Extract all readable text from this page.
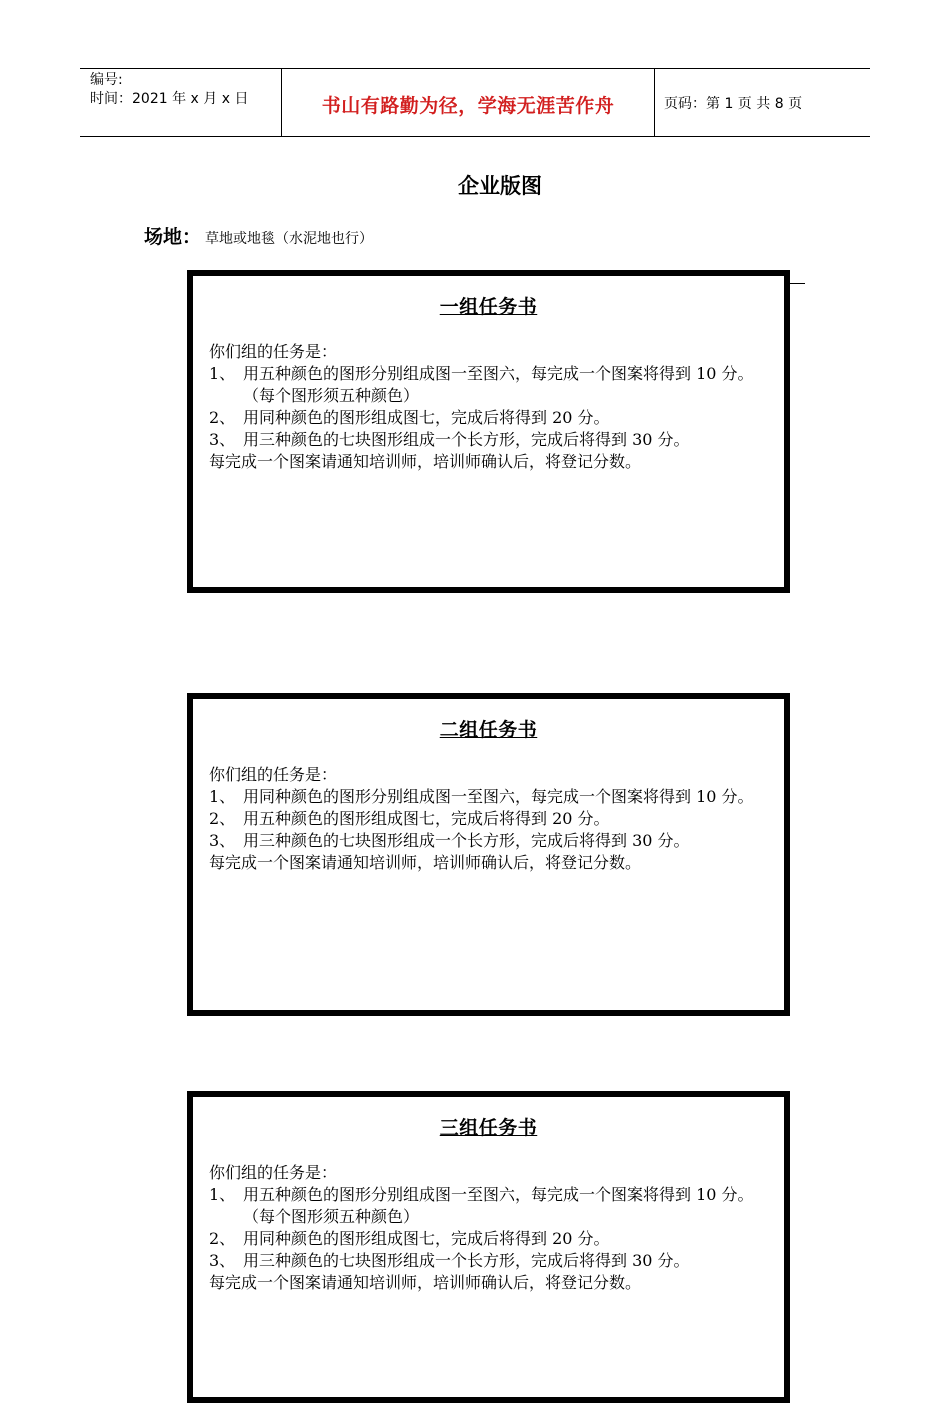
编号:
时间：2021 年 x 月 x 日	书山有路勤为径，学海无涯苦作舟	页码：第 1 页 共 8 页
企业版图
场地： 草地或地毯（水泥地也行）
一组任务书
你们组的任务是：
1、 用五种颜色的图形分别组成图一至图六，每完成一个图案将得到 10 分。（每个图形须五种颜色）
2、 用同种颜色的图形组成图七，完成后将得到 20 分。
3、 用三种颜色的七块图形组成一个长方形，完成后将得到 30 分。
每完成一个图案请通知培训师，培训师确认后，将登记分数。
二组任务书
你们组的任务是：
1、 用同种颜色的图形分别组成图一至图六，每完成一个图案将得到 10 分。
2、 用五种颜色的图形组成图七，完成后将得到 20 分。
3、 用三种颜色的七块图形组成一个长方形，完成后将得到 30 分。
每完成一个图案请通知培训师，培训师确认后，将登记分数。
三组任务书
你们组的任务是：
1、 用五种颜色的图形分别组成图一至图六，每完成一个图案将得到 10 分。（每个图形须五种颜色）
2、 用同种颜色的图形组成图七，完成后将得到 20 分。
3、 用三种颜色的七块图形组成一个长方形，完成后将得到 30 分。
每完成一个图案请通知培训师，培训师确认后，将登记分数。
